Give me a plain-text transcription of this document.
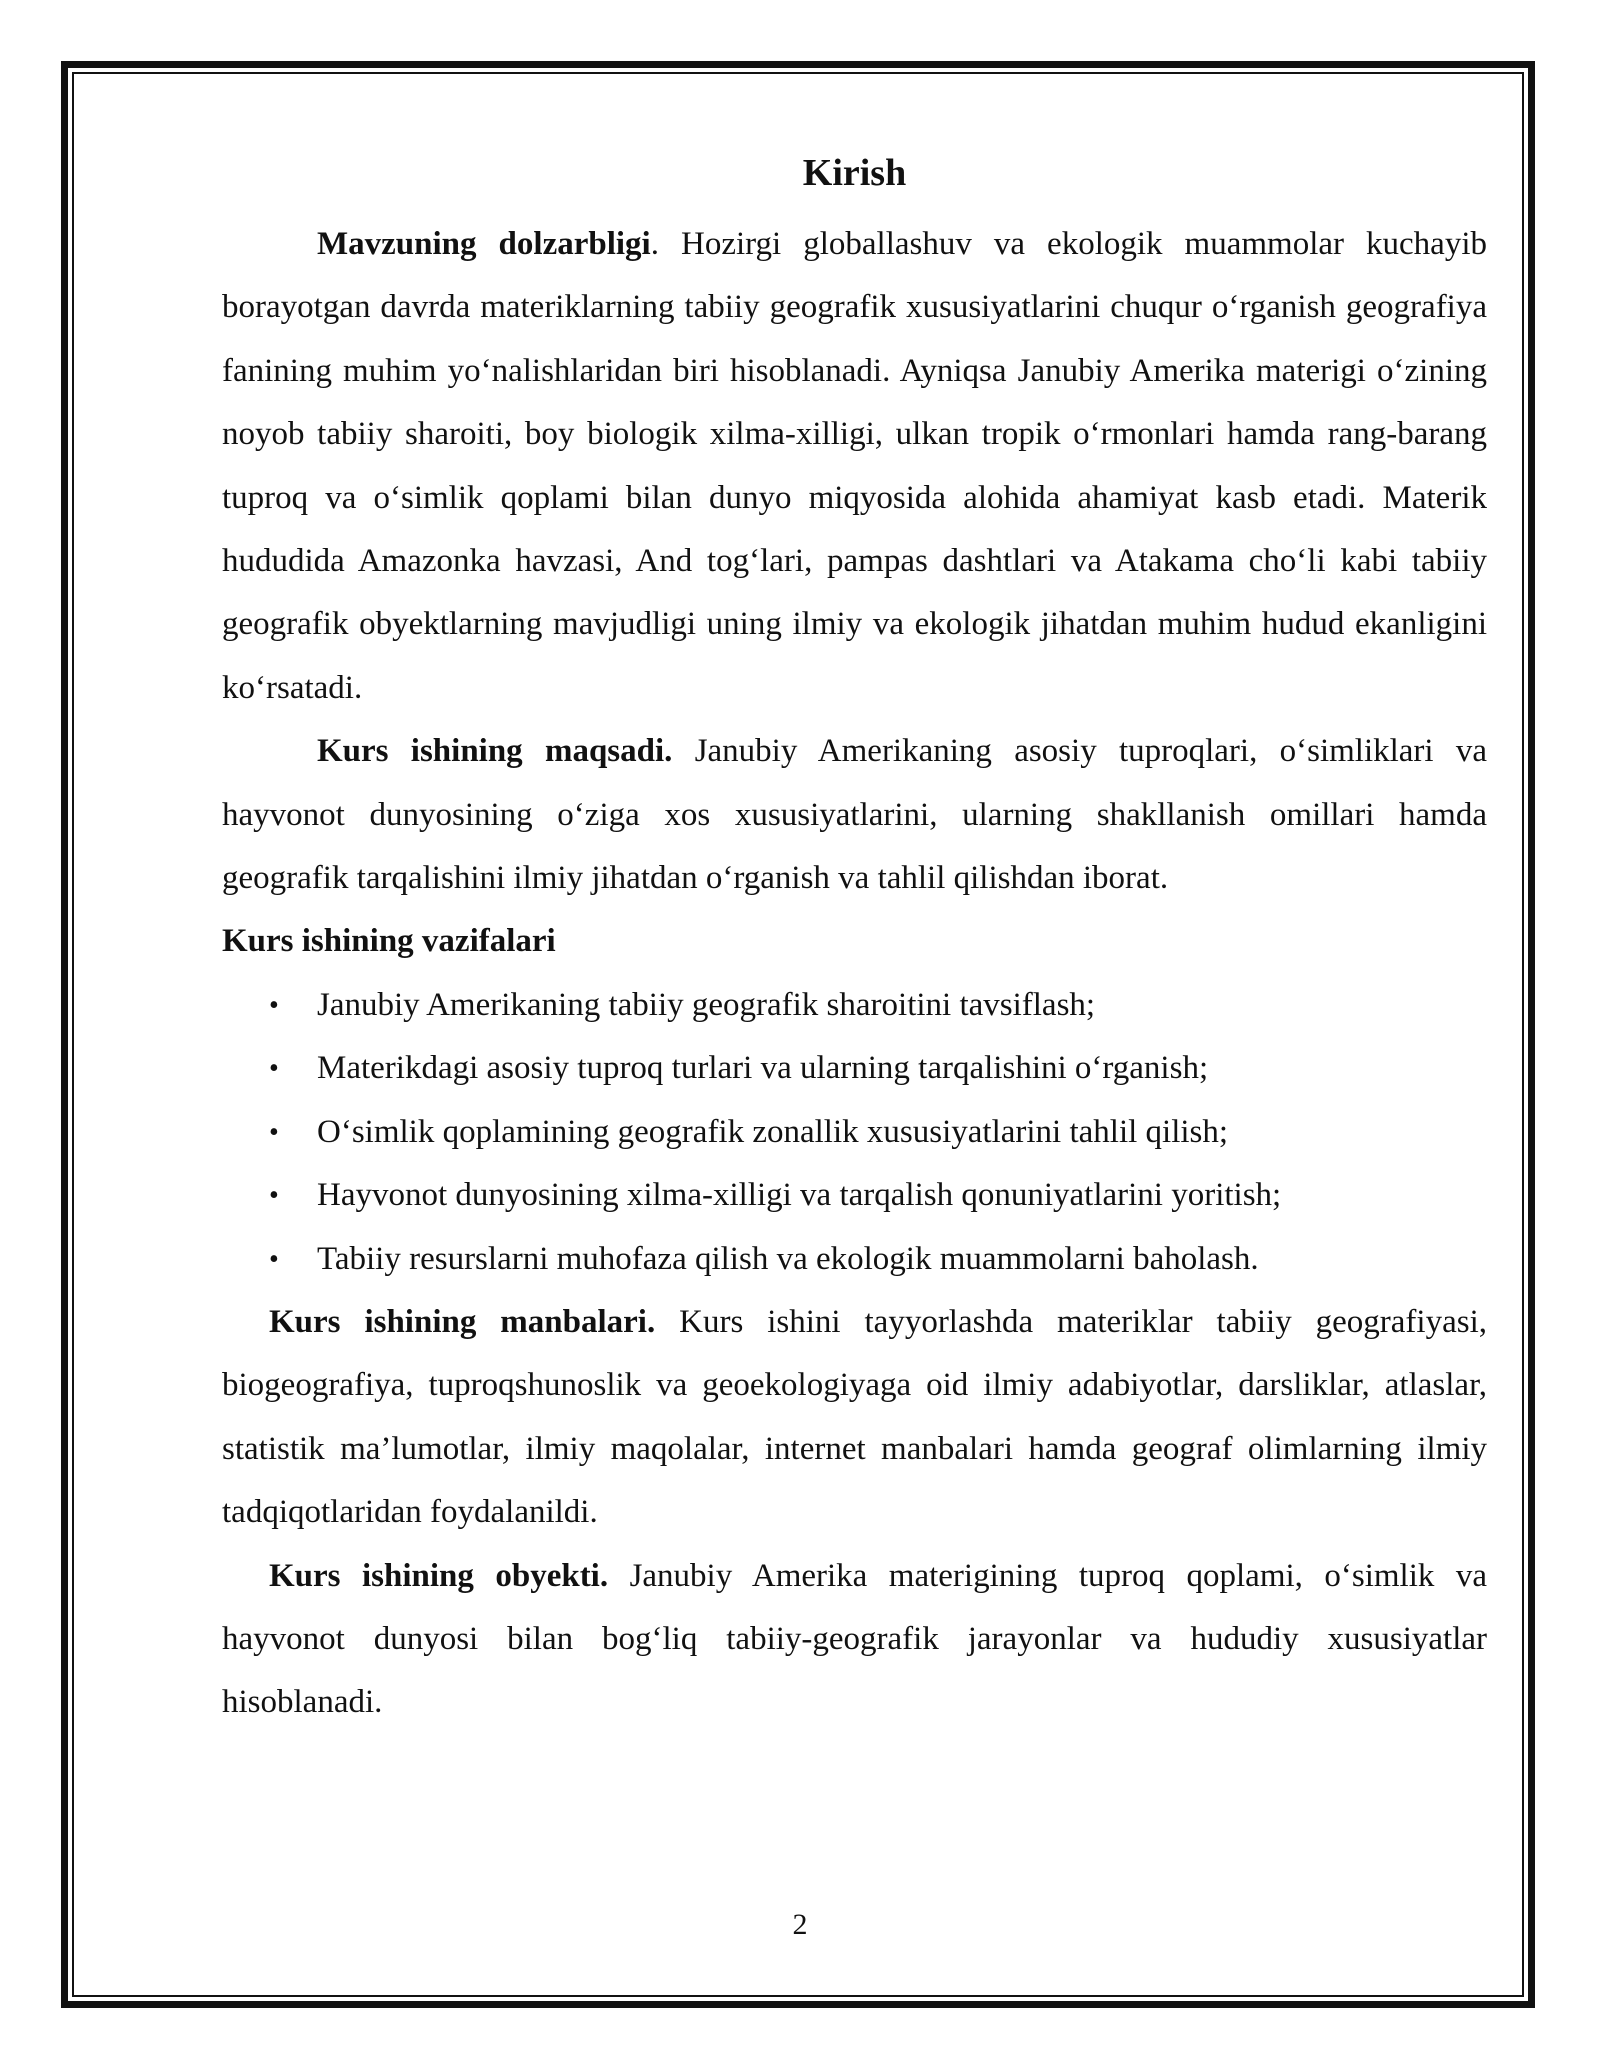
Kirish

Mavzuning dolzarbligi. Hozirgi globallashuv va ekologik muammolar kuchayib borayotgan davrda materiklarning tabiiy geografik xususiyatlarini chuqur o‘rganish geografiya fanining muhim yo‘nalishlaridan biri hisoblanadi. Ayniqsa Janubiy Amerika materigi o‘zining noyob tabiiy sharoiti, boy biologik xilma-xilligi, ulkan tropik o‘rmonlari hamda rang-barang tuproq va o‘simlik qoplami bilan dunyo miqyosida alohida ahamiyat kasb etadi. Materik hududida Amazonka havzasi, And tog‘lari, pampas dashtlari va Atakama cho‘li kabi tabiiy geografik obyektlarning mavjudligi uning ilmiy va ekologik jihatdan muhim hudud ekanligini ko‘rsatadi.

Kurs ishining maqsadi. Janubiy Amerikaning asosiy tuproqlari, o‘simliklari va hayvonot dunyosining o‘ziga xos xususiyatlarini, ularning shakllanish omillari hamda geografik tarqalishini ilmiy jihatdan o‘rganish va tahlil qilishdan iborat.

Kurs ishining vazifalari
• Janubiy Amerikaning tabiiy geografik sharoitini tavsiflash;
• Materikdagi asosiy tuproq turlari va ularning tarqalishini o‘rganish;
• O‘simlik qoplamining geografik zonallik xususiyatlarini tahlil qilish;
• Hayvonot dunyosining xilma-xilligi va tarqalish qonuniyatlarini yoritish;
• Tabiiy resurslarni muhofaza qilish va ekologik muammolarni baholash.

Kurs ishining manbalari. Kurs ishini tayyorlashda materiklar tabiiy geografiyasi, biogeografiya, tuproqshunoslik va geoekologiyaga oid ilmiy adabiyotlar, darsliklar, atlaslar, statistik ma’lumotlar, ilmiy maqolalar, internet manbalari hamda geograf olimlarning ilmiy tadqiqotlaridan foydalanildi.

Kurs ishining obyekti. Janubiy Amerika materigining tuproq qoplami, o‘simlik va hayvonot dunyosi bilan bog‘liq tabiiy-geografik jarayonlar va hududiy xususiyatlar hisoblanadi.

2
